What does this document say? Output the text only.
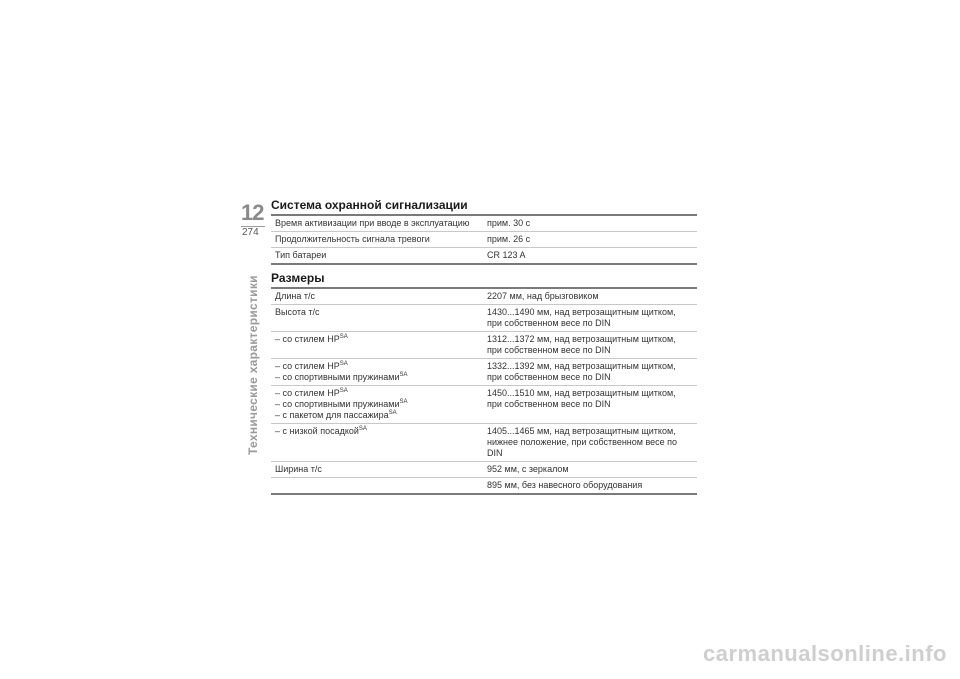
12
274
Технические характеристики
Система охранной сигнализации
Время активизации при вводе в эксплуатацию	прим. 30 с
Продолжительность сигнала тревоги	прим. 26 с
Тип батареи	CR 123 A
Размеры
Длина т/с	2207 мм, над брызговиком

Высота т/с	1430...1490 мм, над ветрозащитным щитком,
при собственном весе по DIN

– со стилем $HP^{SA}$	1312...1372 мм, над ветрозащитным щитком,
при собственном весе по DIN

– со стилем $HP^{SA}$
– со спортивными пружинами$^{SA}$	1332...1392 мм, над ветрозащитным щитком,
при собственном весе по DIN

– со стилем $HP^{SA}$
– со спортивными пружинами$^{SA}$
– с пакетом для пассажира$^{SA}$	1450...1510 мм, над ветрозащитным щитком,
при собственном весе по DIN

– с низкой посадкой$^{SA}$	1405...1465 мм, над ветрозащитным щитком,
нижнее положение, при собственном весе по
DIN

Ширина т/с	952 мм, с зеркалом

	895 мм, без навесного оборудования
carmanualsonline.info
